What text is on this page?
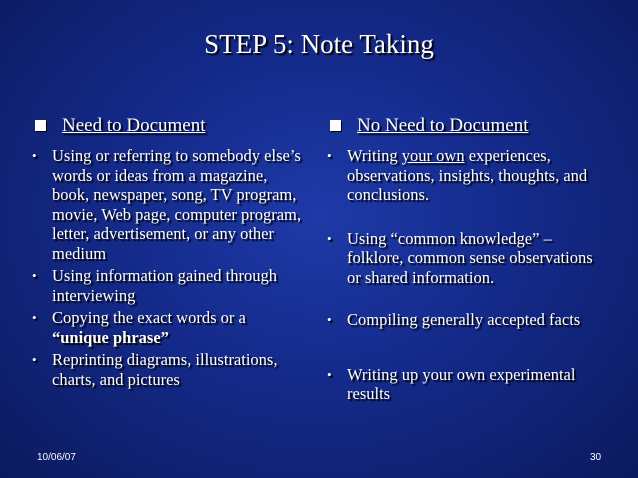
STEP 5: Note Taking
Need to Document
• Using or referring to somebody else’s words or ideas from a magazine, book, newspaper, song, TV program, movie, Web page, computer program, letter, advertisement, or any other medium
• Using information gained through interviewing
• Copying the exact words or a
“unique phrase”
• Reprinting diagrams, illustrations, charts, and pictures
No Need to Document
• Writing your own experiences, observations, insights, thoughts, and conclusions.
• Using “common knowledge” – folklore, common sense observations or shared information.
• Compiling generally accepted facts
• Writing up your own experimental results
10/06/07	30
